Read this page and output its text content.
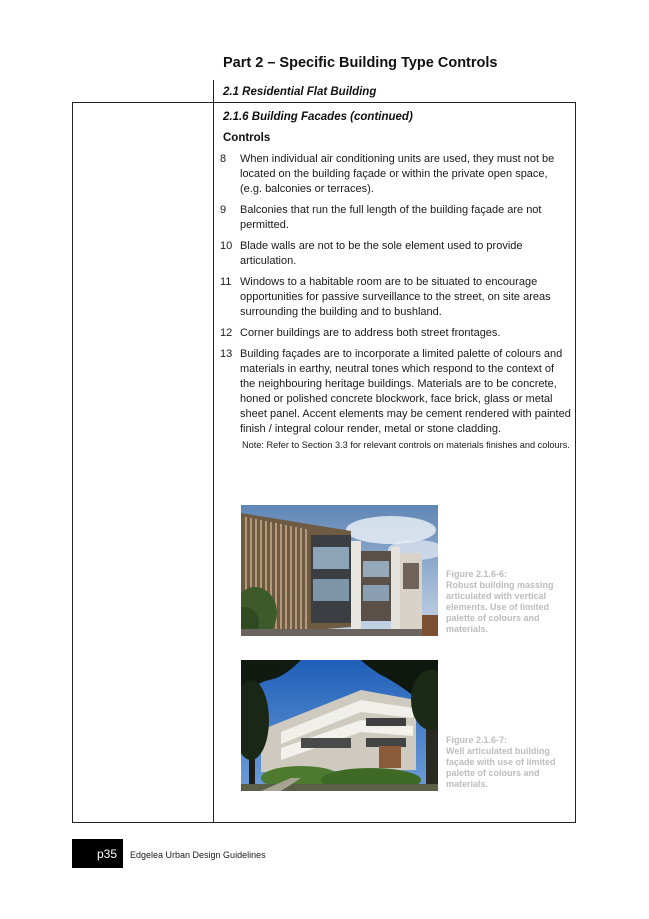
Part 2 – Specific Building Type Controls
2.1 Residential Flat Building
2.1.6 Building Facades (continued)
Controls
8	When individual air conditioning units are used, they must not be located on the building façade or within the private open space, (e.g. balconies or terraces).
9	Balconies that run the full length of the building façade are not permitted.
10 Blade walls are not to be the sole element used to provide articulation.
11 Windows to a habitable room are to be situated to encourage opportunities for passive surveillance to the street, on site areas surrounding the building and to bushland.
12 Corner buildings are to address both street frontages.
13 Building façades are to incorporate a limited palette of colours and materials in earthy, neutral tones which respond to the context of the neighbouring heritage buildings. Materials are to be concrete, honed or polished concrete blockwork, face brick, glass or metal sheet panel. Accent elements may be cement rendered with painted finish / integral colour render, metal or stone cladding.
Note: Refer to Section 3.3 for relevant controls on materials finishes and colours.
Figure 2.1.6-6:
Robust building massing articulated with vertical elements. Use of limited palette of colours and materials.
Figure 2.1.6-7:
Well articulated building façade with use of limited palette of colours and materials.
p35 Edgelea Urban Design Guidelines
